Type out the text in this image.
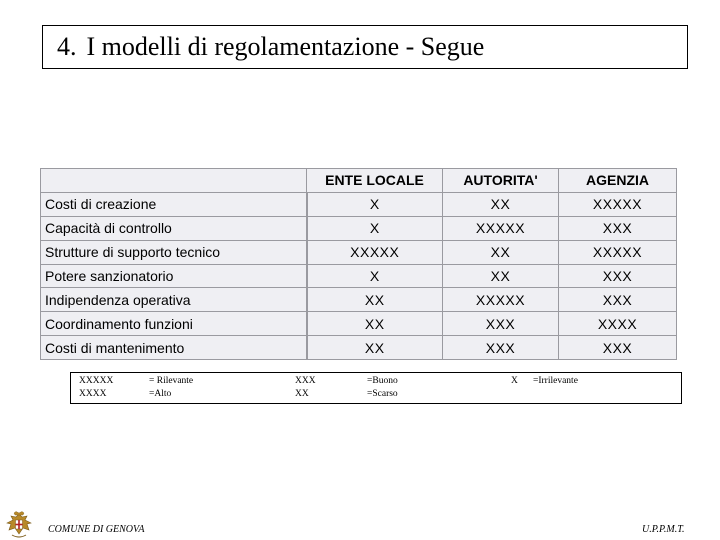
4. I modelli di regolamentazione - Segue
	ENTE LOCALE	AUTORITA'	AGENZIA
Costi di creazione	X	XX	XXXXX
Capacità di controllo	X	XXXXX	XXX
Strutture di supporto tecnico	XXXXX	XX	XXXXX
Potere sanzionatorio	X	XX	XXX
Indipendenza operativa	XX	XXXXX	XXX
Coordinamento funzioni	XX	XXX	XXXX
Costi di mantenimento	XX	XXX	XXX
XXXXX	= Rilevante
XXXX	=Alto
XXX	=Buono
XX	=Scarso
X =Irrilevante
COMUNE DI GENOVA	U.P.P.M.T.
